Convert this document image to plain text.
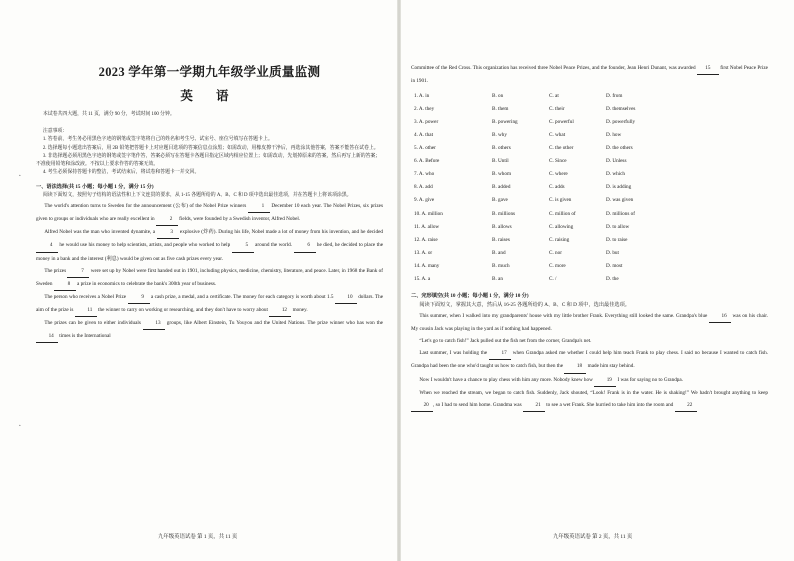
·
·
2023 学年第一学期九年级学业质量监测
英 语

本试卷共四大题，共 11 页，满分 90 分，考试时间 100 分钟。

注意事项：

1. 答卷前，考生务必用黑色字迹的钢笔或签字笔将自己的姓名和考生号、试室号、座位号填写在答题卡上。

2. 选择题每小题选出答案后，用 2B 铅笔把答题卡上对应题目选项的答案信息点涂黑；如需改动，用橡皮擦干净后，再选涂其他答案，答案不能答在试卷上。

3. 非选择题必须用黑色字迹的钢笔或签字笔作答，答案必须写在答题卡各题目指定区域内相应位置上；如需改动，先划掉原来的答案，然后再写上新的答案；不准使用铅笔和涂改液。不按以上要求作答的答案无效。

4. 考生必须保持答题卡的整洁，考试结束后，将试卷和答题卡一并交回。

一、语法选择(共 15 小题；每小题 1 分，满分 15 分)

阅读下面短文，按照句子结构的语法性和上下文连贯的要求，从 1-15 各题所给的 A、B、C 和 D 项中选出最佳选项，并在答题卡上将该项涂黑。

The world's attention turns to Sweden for the announcement (公布) of the Nobel Prize winners	1 December 10 each year. The Nobel Prizes, six prizes given to groups or individuals who are really excellent in	2 fields, were founded by a Swedish inventor, Alfred Nobel.

Alfred Nobel was the man who invented dynamite, a	3 explosive (炸药). During his life, Nobel made a lot of money from his invention, and he decided 4 he would use his money to help scientists, artists, and people who worked to help	5 around the world.	6 he died, he decided to place the money in a bank and the interest (利息) would be given out as five cash prizes every year.

The prizes	7 were set up by Nobel were first handed out in 1901, including physics, medicine, chemistry, literature, and peace. Later, in 1968 the Bank of Sweden	8 a prize in economics to celebrate the bank's 300th year of business.

The person who receives a Nobel Prize	9 a cash prize, a medal, and a certificate. The money for each category is worth about 1.5 10 dollars. The aim of the prize is 11 the winner to carry on working or researching, and they don't have to worry about 12 money.

The prizes can be given to either individuals 13 groups, like Albert Einstein, Tu Youyou and the United Nations. The prize winner who has won the 14 times is the International

九年级英语试卷 第 1 页，共 11 页

Committee of the Red Cross. This organization has received three Nobel Peace Prizes, and the founder, Jean Henri Dunant, was awarded 15 first Nobel Peace Prize in 1901.

1. A. in	B. on	C. at	D. from
2. A. they	B. them	C. their	D. themselves
3. A. power	B. powering	C. powerful	D. powerfully
4. A. that	B. why	C. what	D. how
5. A. other	B. others	C. the other	D. the others
6. A. Before	B. Until	C. Since	D. Unless
7. A. who	B. whom	C. where	D. which
8. A. add	B. added	C. adds	D. is adding
9. A. give	B. gave	C. is given	D. was given
10. A. million	B. millions	C. million of	D. millions of
11. A. allow	B. allows	C. allowing	D. to allow
12. A. raise	B. raises	C. raising	D. to raise
13. A. or	B. and	C. nor	D. but
14. A. many	B. much	C. more	D. most
15. A. a	B. an	C. /	D. the

二、完形填空(共 10 小题；每小题 1 分，满分 10 分)

阅读下面短文，掌握其大意，然后从 16-25 各题所给的 A、B、C 和 D 项中，选出最佳选项。

This summer, when I walked into my grandparents' house with my little brother Frank. Everything still looked the same. Grandpa's blue 16 was on his chair. My cousin Jack was playing in the yard as if nothing had happened.

“Let's go to catch fish!” Jack pulled out the fish net from the corner, Grandpa's net.

Last summer, I was holding the 17 when Grandpa asked me whether I could help him teach Frank to play chess. I said no because I wanted to catch fish. Grandpa had been the one who'd taught us how to catch fish, but then the 18 made him stay behind.

Now I wouldn't have a chance to play chess with him any more. Nobody knew how 19 I was for saying no to Grandpa.

When we reached the stream, we began to catch fish. Suddenly, Jack shouted, “Look! Frank is in the water. He is shaking!” We hadn't brought anything to keep 20 , so I had to send him home. Grandma was 21 to see a wet Frank. She hurried to take him into the room and 22

九年级英语试卷 第 2 页，共 11 页
